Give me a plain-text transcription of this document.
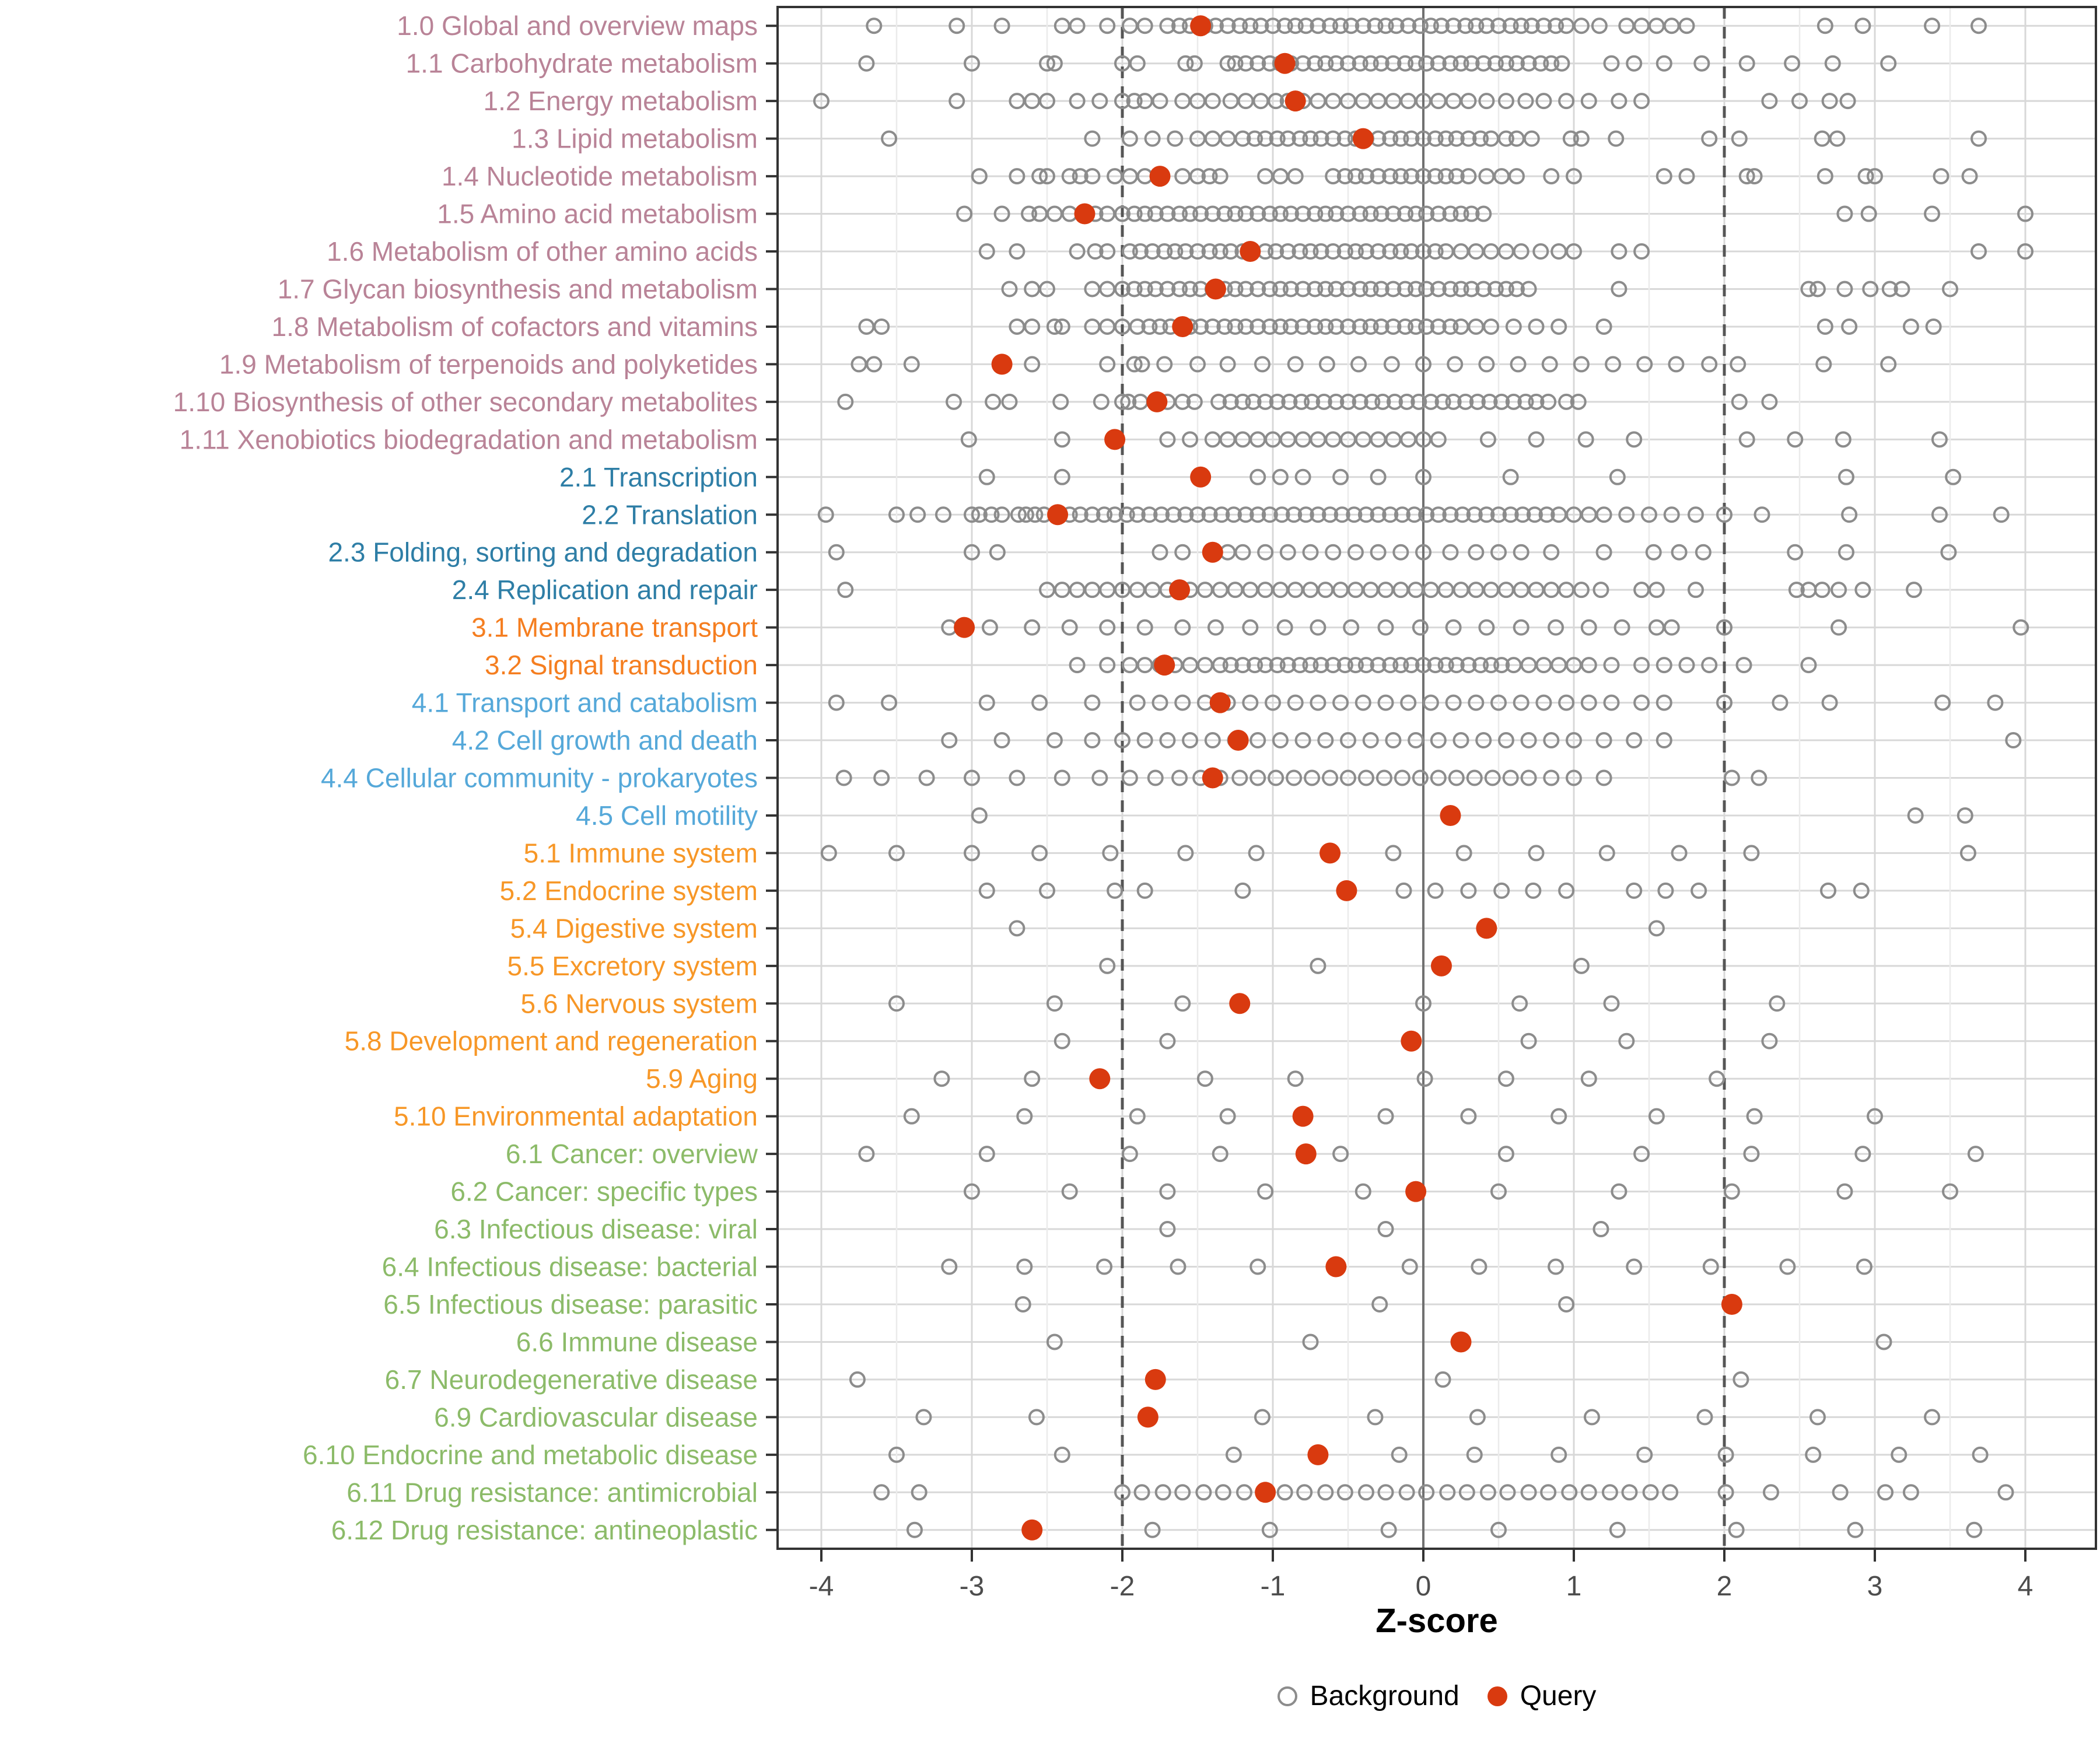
1.0 Global and overview maps
1.1 Carbohydrate metabolism
1.2 Energy metabolism
1.3 Lipid metabolism
1.4 Nucleotide metabolism
1.5 Amino acid metabolism
1.6 Metabolism of other amino acids
1.7 Glycan biosynthesis and metabolism
1.8 Metabolism of cofactors and vitamins
1.9 Metabolism of terpenoids and polyketides
1.10 Biosynthesis of other secondary metabolites
1.11 Xenobiotics biodegradation and metabolism
2.1 Transcription
2.2 Translation
2.3 Folding, sorting and degradation
2.4 Replication and repair
3.1 Membrane transport
3.2 Signal transduction
4.1 Transport and catabolism
4.2 Cell growth and death
4.4 Cellular community - prokaryotes
4.5 Cell motility
5.1 Immune system
5.2 Endocrine system
5.4 Digestive system
5.5 Excretory system
5.6 Nervous system
5.8 Development and regeneration
5.9 Aging
5.10 Environmental adaptation
6.1 Cancer: overview
6.2 Cancer: specific types
6.3 Infectious disease: viral
6.4 Infectious disease: bacterial
6.5 Infectious disease: parasitic
6.6 Immune disease
6.7 Neurodegenerative disease
6.9 Cardiovascular disease
6.10 Endocrine and metabolic disease
6.11 Drug resistance: antimicrobial
6.12 Drug resistance: antineoplastic
-4	-3	-2	-1	0	1	2	3	4
Z-score
Background Query
